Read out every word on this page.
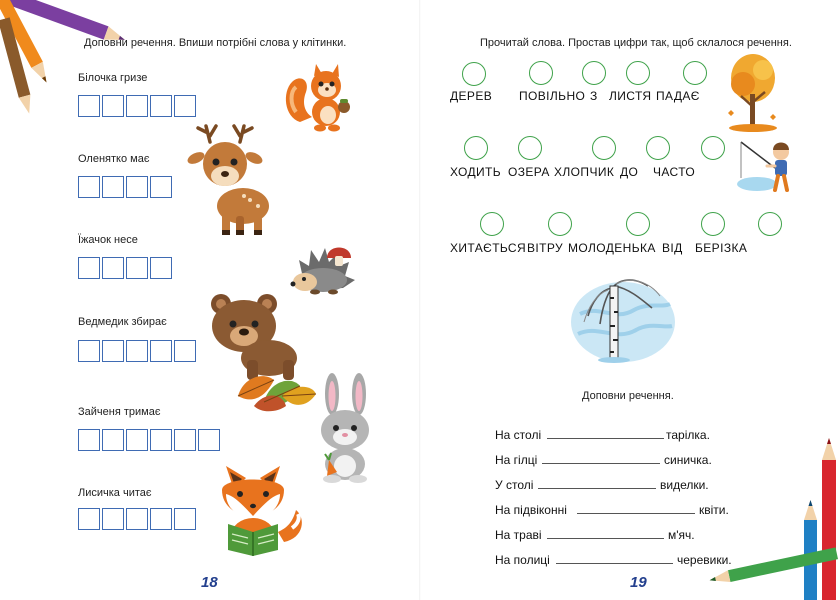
Доповни речення. Впиши потрібні слова у клітинки.
Білочка гризе
Оленятко має
Їжачок несе
Ведмедик збирає
Зайченя тримає
Лисичка читає
18
Прочитай слова. Простав цифри так, щоб склалося речення.
ДЕРЕВ ПОВІЛЬНО З ЛИСТЯ ПАДАЄ
ХОДИТЬ ОЗЕРА ХЛОПЧИК ДО ЧАСТО
ХИТАЄТЬСЯ ВІТРУ МОЛОДЕНЬКА ВІД БЕРІЗКА
Доповни речення.
На столі	тарілка.
На гілці	синичка.
У столі	виделки.
На підвіконні	квіти.
На траві	м'яч.
На полиці	черевики.
19
